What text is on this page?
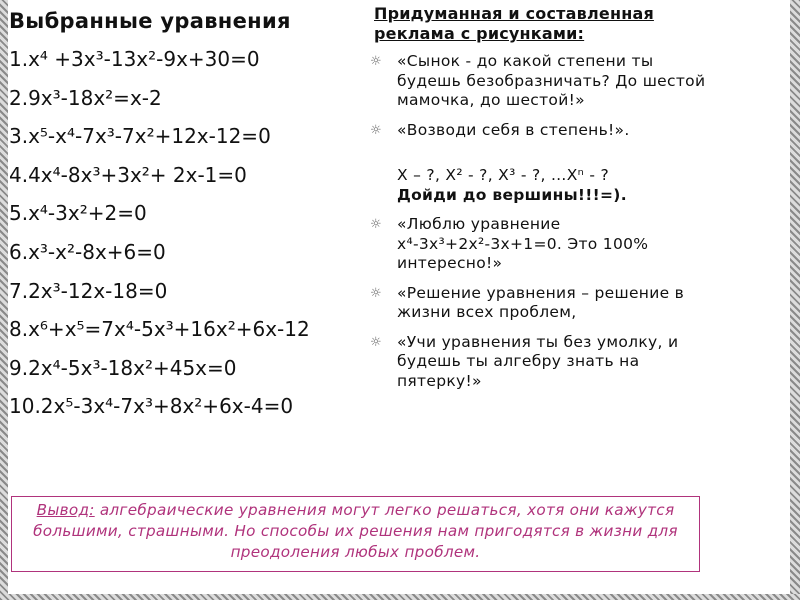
Выбранные уравнения
1.x⁴ +3x³-13x²-9x+30=0
2.9x³-18x²=x-2
3.x⁵-x⁴-7x³-7x²+12x-12=0
4.4x⁴-8x³+3x²+ 2x-1=0
5.x⁴-3x²+2=0
6.x³-x²-8x+6=0
7.2x³-12x-18=0
8.x⁶+x⁵=7x⁴-5x³+16x²+6x-12
9.2x⁴-5x³-18x²+45x=0
10.2x⁵-3x⁴-7x³+8x²+6x-4=0
Придуманная и составленная реклама с рисунками:
☼ «Сынок - до какой степени ты будешь безобразничать? До шестой мамочка, до шестой!»
☼ «Возводи себя в степень!».
X – ?, X² - ?, X³ - ?, …Xⁿ - ?
Дойди до вершины!!!=).
☼ «Люблю уравнение x⁴-3x³+2x²-3x+1=0. Это 100% интересно!»
☼ «Решение уравнения – решение в жизни всех проблем,
☼ «Учи уравнения ты без умолку, и будешь ты алгебру знать на пятерку!»
Вывод: алгебраические уравнения могут легко решаться, хотя они кажутся большими, страшными. Но способы их решения нам пригодятся в жизни для преодоления любых проблем.
